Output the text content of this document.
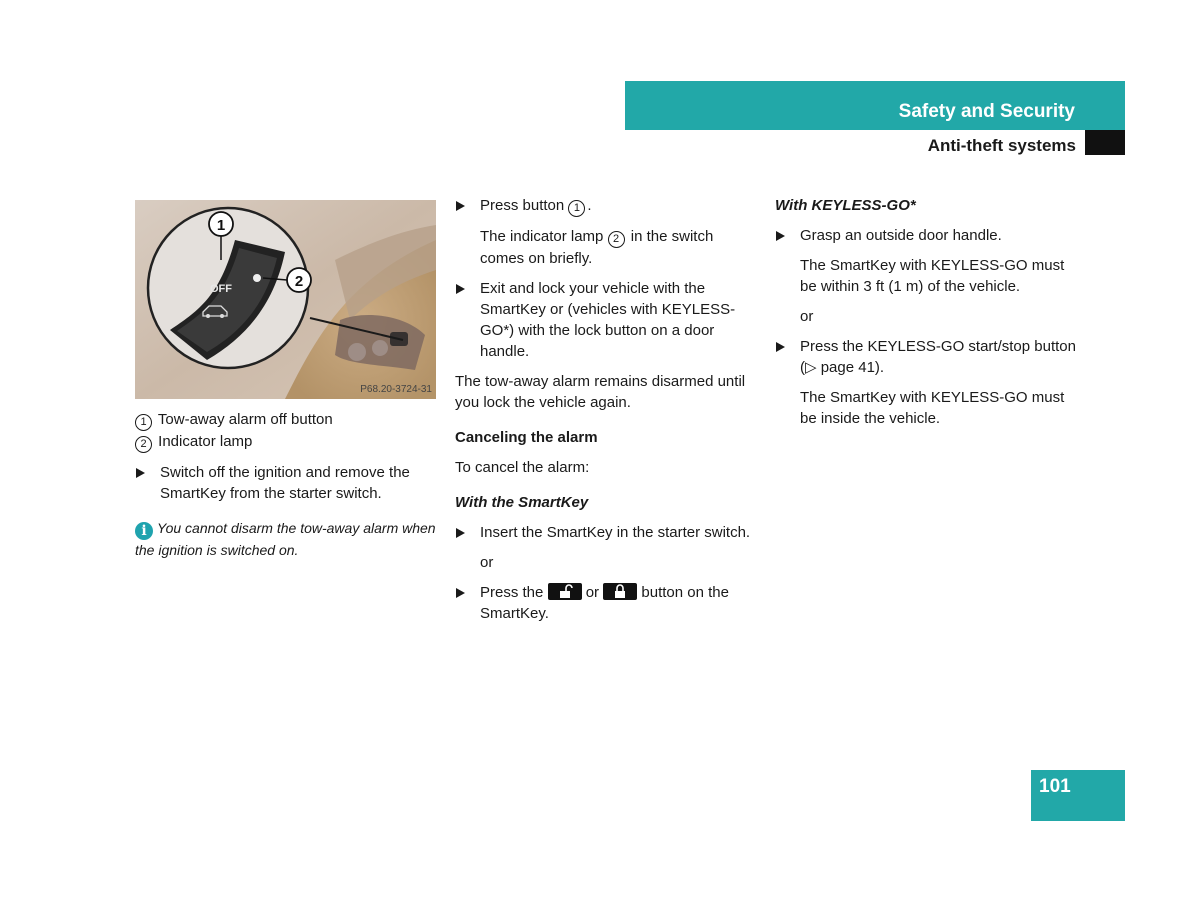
Safety and Security
Anti-theft systems
OFF
1
2
P68.20-3724-31

1 Tow-away alarm off button

2 Indicator lamp

Switch off the ignition and remove the SmartKey from the starter switch.

i You cannot disarm the tow-away alarm when the ignition is switched on.

Press button 1 .

The indicator lamp 2 in the switch comes on briefly.

Exit and lock your vehicle with the SmartKey or (vehicles with KEYLESS-GO*) with the lock button on a door handle.

The tow-away alarm remains disarmed until you lock the vehicle again.

Canceling the alarm

To cancel the alarm:

With the SmartKey

Insert the SmartKey in the starter switch.

or

Press the	or	button on the SmartKey.

With KEYLESS-GO*

Grasp an outside door handle.

The SmartKey with KEYLESS-GO must be within 3 ft (1 m) of the vehicle.

or

Press the KEYLESS-GO start/stop button (▷ page 41).

The SmartKey with KEYLESS-GO must be inside the vehicle.

101
